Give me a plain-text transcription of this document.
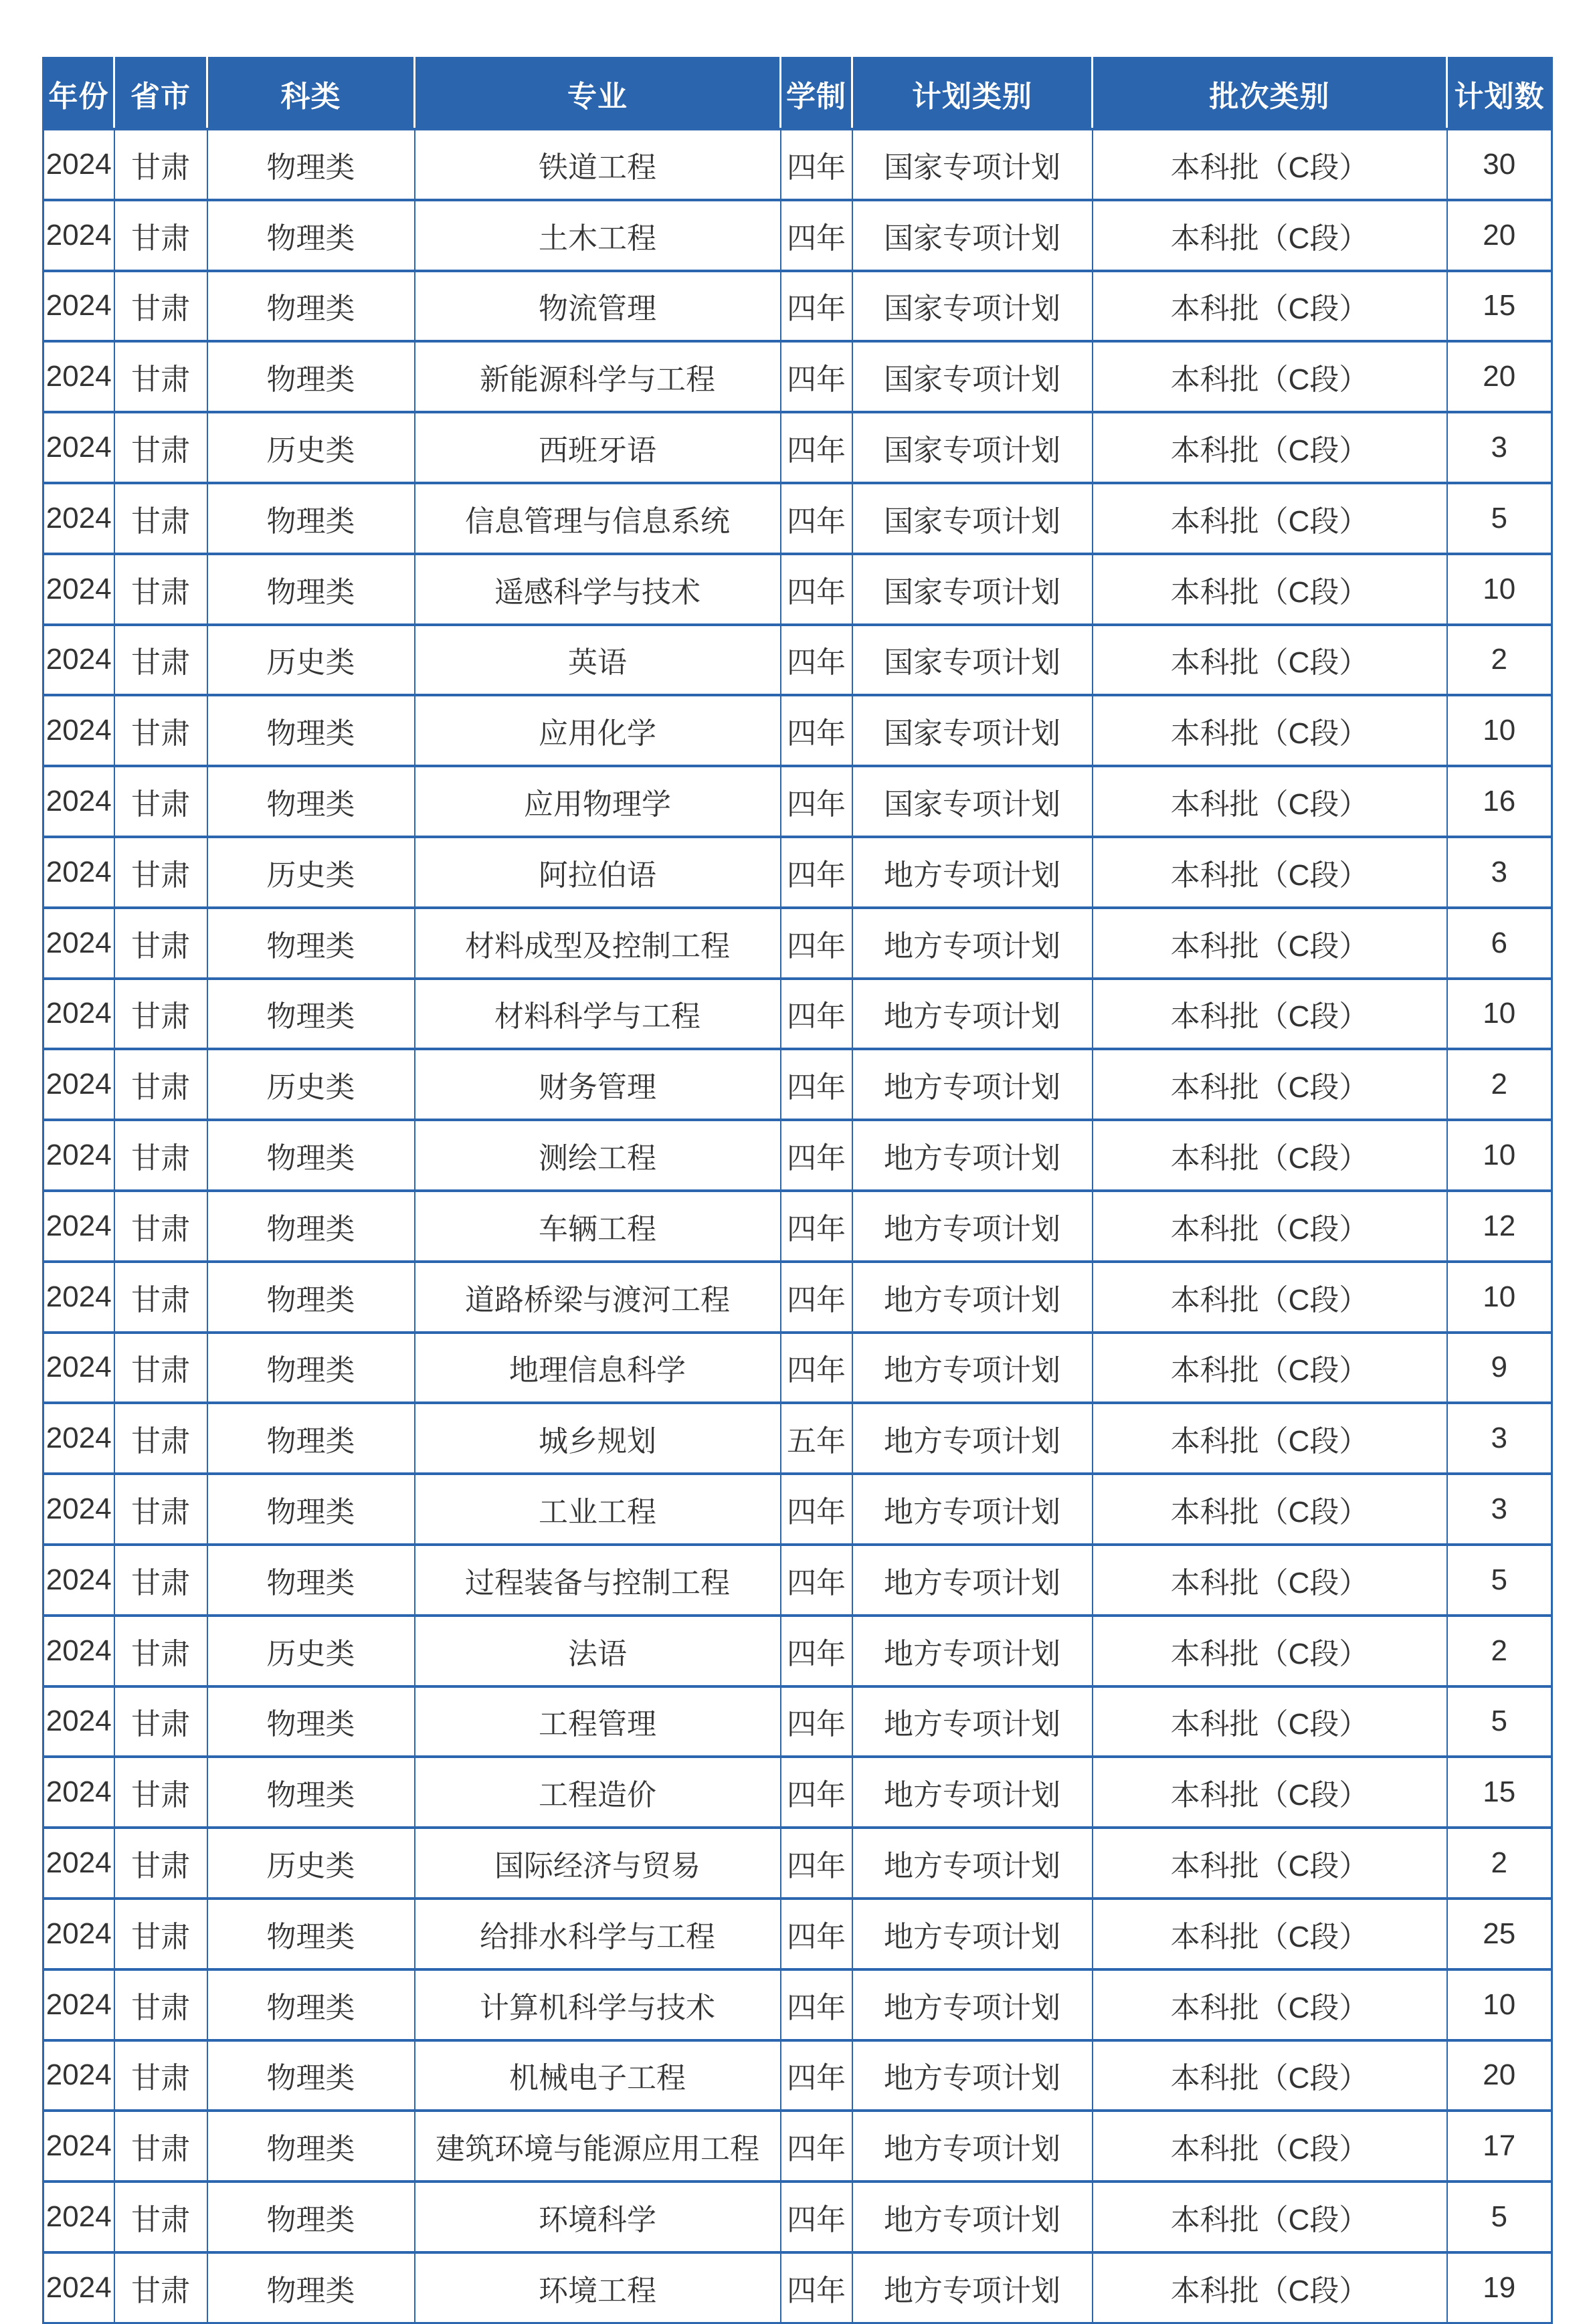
年份	省市	科类	专业	学制	计划类别	批次类别	计划数
2024	甘肃	物理类	铁道工程	四年	国家专项计划	本科批（C段）	30
2024	甘肃	物理类	土木工程	四年	国家专项计划	本科批（C段）	20
2024	甘肃	物理类	物流管理	四年	国家专项计划	本科批（C段）	15
2024	甘肃	物理类	新能源科学与工程	四年	国家专项计划	本科批（C段）	20
2024	甘肃	历史类	西班牙语	四年	国家专项计划	本科批（C段）	3
2024	甘肃	物理类	信息管理与信息系统	四年	国家专项计划	本科批（C段）	5
2024	甘肃	物理类	遥感科学与技术	四年	国家专项计划	本科批（C段）	10
2024	甘肃	历史类	英语	四年	国家专项计划	本科批（C段）	2
2024	甘肃	物理类	应用化学	四年	国家专项计划	本科批（C段）	10
2024	甘肃	物理类	应用物理学	四年	国家专项计划	本科批（C段）	16
2024	甘肃	历史类	阿拉伯语	四年	地方专项计划	本科批（C段）	3
2024	甘肃	物理类	材料成型及控制工程	四年	地方专项计划	本科批（C段）	6
2024	甘肃	物理类	材料科学与工程	四年	地方专项计划	本科批（C段）	10
2024	甘肃	历史类	财务管理	四年	地方专项计划	本科批（C段）	2
2024	甘肃	物理类	测绘工程	四年	地方专项计划	本科批（C段）	10
2024	甘肃	物理类	车辆工程	四年	地方专项计划	本科批（C段）	12
2024	甘肃	物理类	道路桥梁与渡河工程	四年	地方专项计划	本科批（C段）	10
2024	甘肃	物理类	地理信息科学	四年	地方专项计划	本科批（C段）	9
2024	甘肃	物理类	城乡规划	五年	地方专项计划	本科批（C段）	3
2024	甘肃	物理类	工业工程	四年	地方专项计划	本科批（C段）	3
2024	甘肃	物理类	过程装备与控制工程	四年	地方专项计划	本科批（C段）	5
2024	甘肃	历史类	法语	四年	地方专项计划	本科批（C段）	2
2024	甘肃	物理类	工程管理	四年	地方专项计划	本科批（C段）	5
2024	甘肃	物理类	工程造价	四年	地方专项计划	本科批（C段）	15
2024	甘肃	历史类	国际经济与贸易	四年	地方专项计划	本科批（C段）	2
2024	甘肃	物理类	给排水科学与工程	四年	地方专项计划	本科批（C段）	25
2024	甘肃	物理类	计算机科学与技术	四年	地方专项计划	本科批（C段）	10
2024	甘肃	物理类	机械电子工程	四年	地方专项计划	本科批（C段）	20
2024	甘肃	物理类	建筑环境与能源应用工程	四年	地方专项计划	本科批（C段）	17
2024	甘肃	物理类	环境科学	四年	地方专项计划	本科批（C段）	5
2024	甘肃	物理类	环境工程	四年	地方专项计划	本科批（C段）	19
